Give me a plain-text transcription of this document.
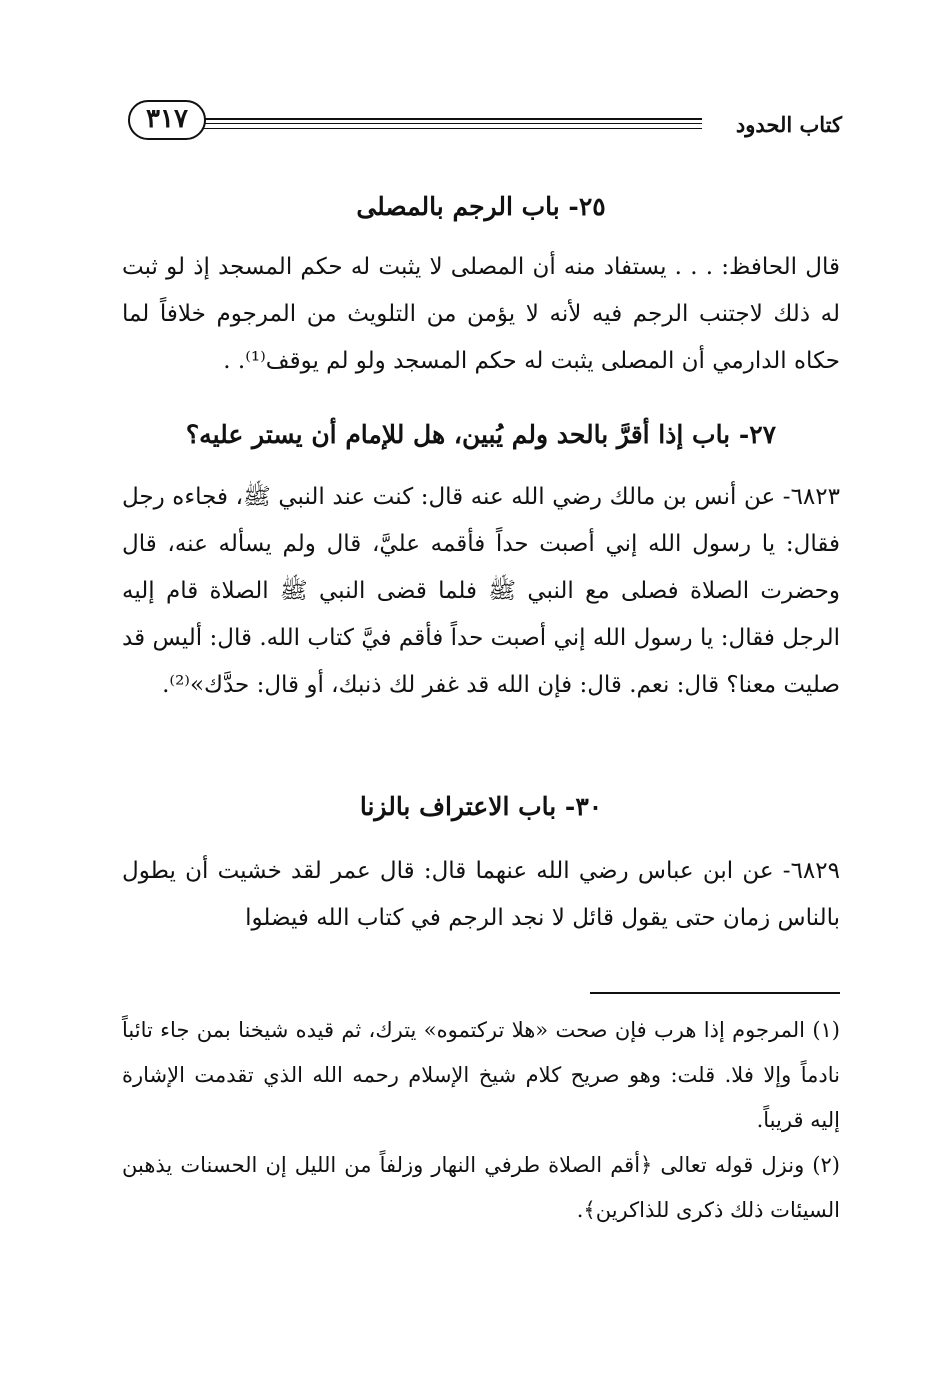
كتاب الحدود
٣١٧
٢٥- باب الرجم بالمصلى

قال الحافظ: . . . يستفاد منه أن المصلى لا يثبت له حكم المسجد إذ لو ثبت له ذلك لاجتنب الرجم فيه لأنه لا يؤمن من التلويث من المرجوم خلافاً لما حكاه الدارمي أن المصلى يثبت له حكم المسجد ولو لم يوقف⁽¹⁾. .

٢٧- باب إذا أقرَّ بالحد ولم يُبين، هل للإمام أن يستر عليه؟

٦٨٢٣- عن أنس بن مالك رضي الله عنه قال: كنت عند النبي ﷺ، فجاءه رجل فقال: يا رسول الله إني أصبت حداً فأقمه عليَّ، قال ولم يسأله عنه، قال وحضرت الصلاة فصلى مع النبي ﷺ فلما قضى النبي ﷺ الصلاة قام إليه الرجل فقال: يا رسول الله إني أصبت حداً فأقم فيَّ كتاب الله. قال: أليس قد صليت معنا؟ قال: نعم. قال: فإن الله قد غفر لك ذنبك، أو قال: حدَّك»⁽²⁾.

٣٠- باب الاعتراف بالزنا

٦٨٢٩- عن ابن عباس رضي الله عنهما قال: قال عمر لقد خشيت أن يطول بالناس زمان حتى يقول قائل لا نجد الرجم في كتاب الله فيضلوا

(١) المرجوم إذا هرب فإن صحت «هلا تركتموه» يترك، ثم قيده شيخنا بمن جاء تائباً نادماً وإلا فلا. قلت: وهو صريح كلام شيخ الإسلام رحمه الله الذي تقدمت الإشارة إليه قريباً.

(٢) ونزل قوله تعالى ﴿أقم الصلاة طرفي النهار وزلفاً من الليل إن الحسنات يذهبن السيئات ذلك ذكرى للذاكرين﴾.
